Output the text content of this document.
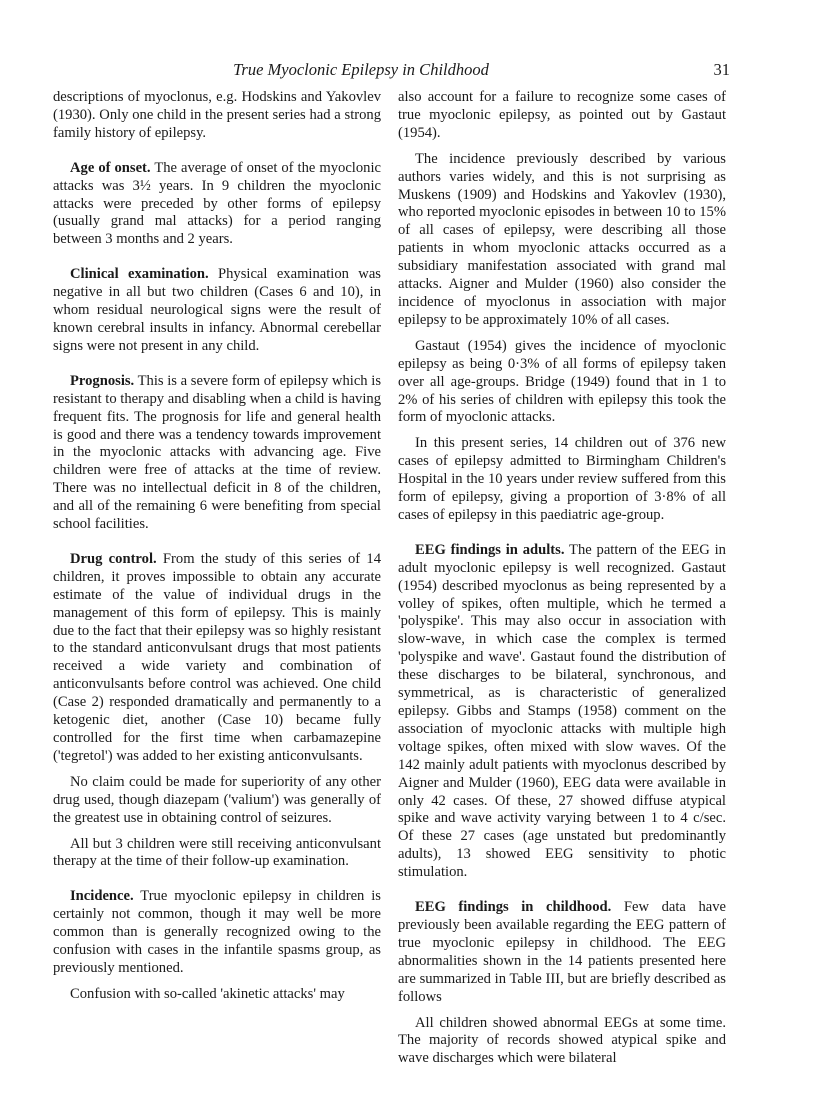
True Myoclonic Epilepsy in Childhood	31

descriptions of myoclonus, e.g. Hodskins and Yakovlev (1930). Only one child in the present series had a strong family history of epilepsy.

Age of onset. The average of onset of the myoclonic attacks was 3½ years. In 9 children the myoclonic attacks were preceded by other forms of epilepsy (usually grand mal attacks) for a period ranging between 3 months and 2 years.

Clinical examination. Physical examination was negative in all but two children (Cases 6 and 10), in whom residual neurological signs were the result of known cerebral insults in infancy. Abnormal cerebellar signs were not present in any child.

Prognosis. This is a severe form of epilepsy which is resistant to therapy and disabling when a child is having frequent fits. The prognosis for life and general health is good and there was a tendency towards improvement in the myoclonic attacks with advancing age. Five children were free of attacks at the time of review. There was no intellectual deficit in 8 of the children, and all of the remaining 6 were benefiting from special school facilities.

Drug control. From the study of this series of 14 children, it proves impossible to obtain any accurate estimate of the value of individual drugs in the management of this form of epilepsy. This is mainly due to the fact that their epilepsy was so highly resistant to the standard anticonvulsant drugs that most patients received a wide variety and combination of anticonvulsants before control was achieved. One child (Case 2) responded dramatically and permanently to a ketogenic diet, another (Case 10) became fully controlled for the first time when carbamazepine ('tegretol') was added to her existing anticonvulsants.

No claim could be made for superiority of any other drug used, though diazepam ('valium') was generally of the greatest use in obtaining control of seizures.

All but 3 children were still receiving anticonvulsant therapy at the time of their follow-up examination.

Incidence. True myoclonic epilepsy in children is certainly not common, though it may well be more common than is generally recognized owing to the confusion with cases in the infantile spasms group, as previously mentioned.

Confusion with so-called 'akinetic attacks' may

also account for a failure to recognize some cases of true myoclonic epilepsy, as pointed out by Gastaut (1954).

The incidence previously described by various authors varies widely, and this is not surprising as Muskens (1909) and Hodskins and Yakovlev (1930), who reported myoclonic episodes in between 10 to 15% of all cases of epilepsy, were describing all those patients in whom myoclonic attacks occurred as a subsidiary manifestation associated with grand mal attacks. Aigner and Mulder (1960) also consider the incidence of myoclonus in association with major epilepsy to be approximately 10% of all cases.

Gastaut (1954) gives the incidence of myoclonic epilepsy as being 0·3% of all forms of epilepsy taken over all age-groups. Bridge (1949) found that in 1 to 2% of his series of children with epilepsy this took the form of myoclonic attacks.

In this present series, 14 children out of 376 new cases of epilepsy admitted to Birmingham Children's Hospital in the 10 years under review suffered from this form of epilepsy, giving a proportion of 3·8% of all cases of epilepsy in this paediatric age-group.

EEG findings in adults. The pattern of the EEG in adult myoclonic epilepsy is well recognized. Gastaut (1954) described myoclonus as being represented by a volley of spikes, often multiple, which he termed a 'polyspike'. This may also occur in association with slow-wave, in which case the complex is termed 'polyspike and wave'. Gastaut found the distribution of these discharges to be bilateral, synchronous, and symmetrical, as is characteristic of generalized epilepsy. Gibbs and Stamps (1958) comment on the association of myoclonic attacks with multiple high voltage spikes, often mixed with slow waves. Of the 142 mainly adult patients with myoclonus described by Aigner and Mulder (1960), EEG data were available in only 42 cases. Of these, 27 showed diffuse atypical spike and wave activity varying between 1 to 4 c/sec. Of these 27 cases (age unstated but predominantly adults), 13 showed EEG sensitivity to photic stimulation.

EEG findings in childhood. Few data have previously been available regarding the EEG pattern of true myoclonic epilepsy in childhood. The EEG abnormalities shown in the 14 patients presented here are summarized in Table III, but are briefly described as follows

All children showed abnormal EEGs at some time. The majority of records showed atypical spike and wave discharges which were bilateral
